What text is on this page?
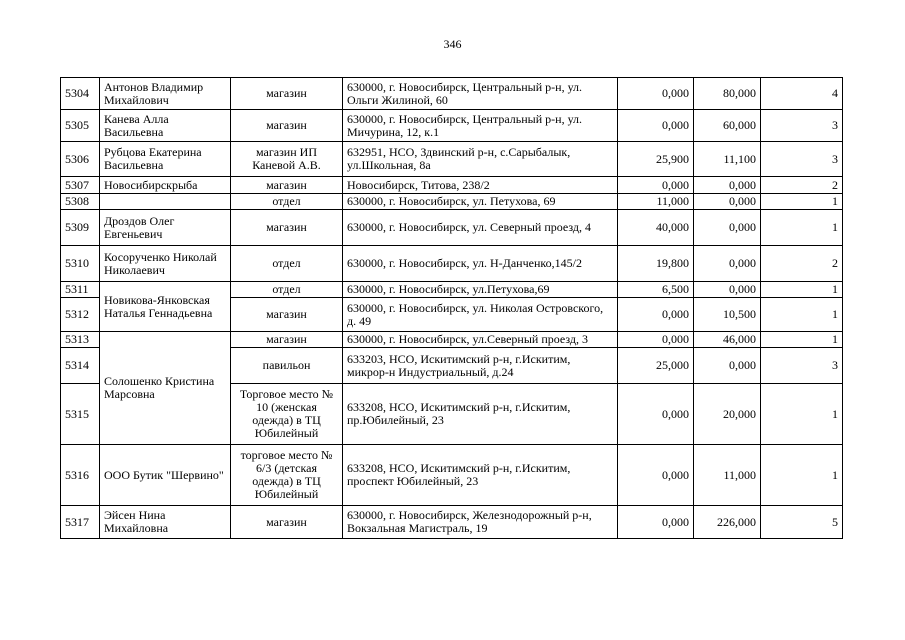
346
5304	Антонов Владимир Михайлович	магазин	630000, г. Новосибирск, Центральный р-н, ул. Ольги Жилиной, 60	0,000	80,000	4
5305	Канева Алла Васильевна	магазин	630000, г. Новосибирск, Центральный р-н, ул. Мичурина, 12, к.1	0,000	60,000	3
5306	Рубцова Екатерина Васильевна	магазин ИП Каневой А.В.	632951, НСО, Здвинский р-н, с.Сарыбалык, ул.Школьная, 8а	25,900	11,100	3
5307	Новосибирскрыба	магазин	Новосибирск, Титова, 238/2	0,000	0,000	2
5308		отдел	630000, г. Новосибирск, ул. Петухова, 69	11,000	0,000	1
5309	Дроздов Олег Евгеньевич	магазин	630000, г. Новосибирск, ул. Северный проезд, 4	40,000	0,000	1
5310	Косорученко Николай Николаевич	отдел	630000, г. Новосибирск, ул. Н-Данченко,145/2	19,800	0,000	2
5311	Новикова-Янковская Наталья Геннадьевна	отдел	630000, г. Новосибирск, ул.Петухова,69	6,500	0,000	1
5312		магазин	630000, г. Новосибирск, ул. Николая Островского, д. 49	0,000	10,500	1
5313	Солошенко Кристина Марсовна	магазин	630000, г. Новосибирск, ул.Северный проезд, 3	0,000	46,000	1
5314		павильон	633203, НСО, Искитимский р-н, г.Искитим, микрор-н Индустриальный, д.24	25,000	0,000	3
5315		Торговое место № 10 (женская одежда) в ТЦ Юбилейный	633208, НСО, Искитимский р-н, г.Искитим, пр.Юбилейный, 23	0,000	20,000	1
5316	ООО Бутик "Шервино"	торговое место № 6/3 (детская одежда) в ТЦ Юбилейный	633208, НСО, Искитимский р-н, г.Искитим, проспект Юбилейный, 23	0,000	11,000	1
5317	Эйсен Нина Михайловна	магазин	630000, г. Новосибирск, Железнодорожный р-н, Вокзальная Магистраль, 19	0,000	226,000	5
